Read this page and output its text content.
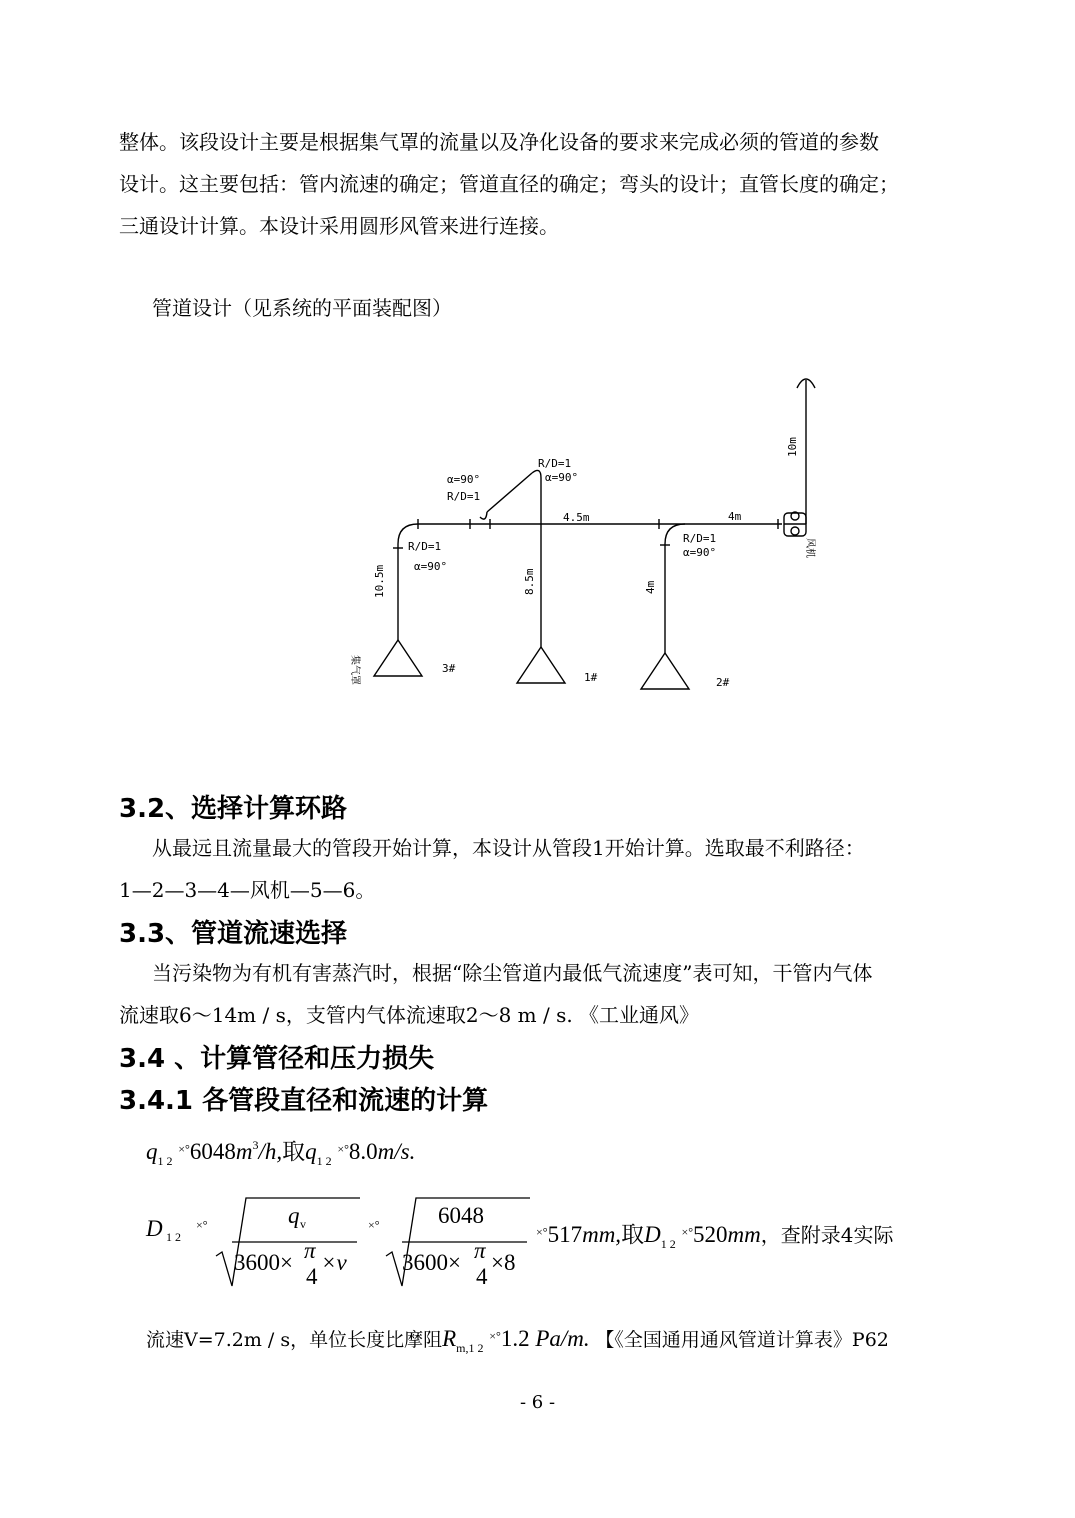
整体。该段设计主要是根据集气罩的流量以及净化设备的要求来完成必须的管道的参数
设计。这主要包括：管内流速的确定；管道直径的确定；弯头的设计；直管长度的确定；
三通设计计算。本设计采用圆形风管来进行连接。
管道设计（见系统的平面装配图）
R/D=1
α=90°
α=90°
R/D=1
R/D=1
α=90°
4.5m	4m
R/D=1
α=90°
3#
1#	2#
10.5m	8.5m	4m
10m
风机
集气罩
3.2、选择计算环路
从最远且流量最大的管段开始计算，本设计从管段1开始计算。选取最不利路径：
1—2—3—4—风机—5—6。
3.3、管道流速选择
当污染物为有机有害蒸汽时，根据“除尘管道内最低气流速度”表可知，干管内气体
流速取6～14m / s，支管内气体流速取2～8 m / s. 《工业通风》
3.4 、计算管径和压力损失
3.4.1 各管段直径和流速的计算
$q_{1 2}$ $^{\times^\circ}6048m^3/h$,取$q_{1 2}$ ×°8.0m/s.
D 1 2
×°	q v
3600× π
4
×v
×°	6048
3600× π
4
×8
×°517mm,取$D_{1 2}$ ×°520mm，查附录4实际
流速V=7.2m / s，单位长度比摩阻$R_{m,1 2}$ ×°1.2 Pa/m. 【《全国通用通风管道计算表》P62
- 6 -
